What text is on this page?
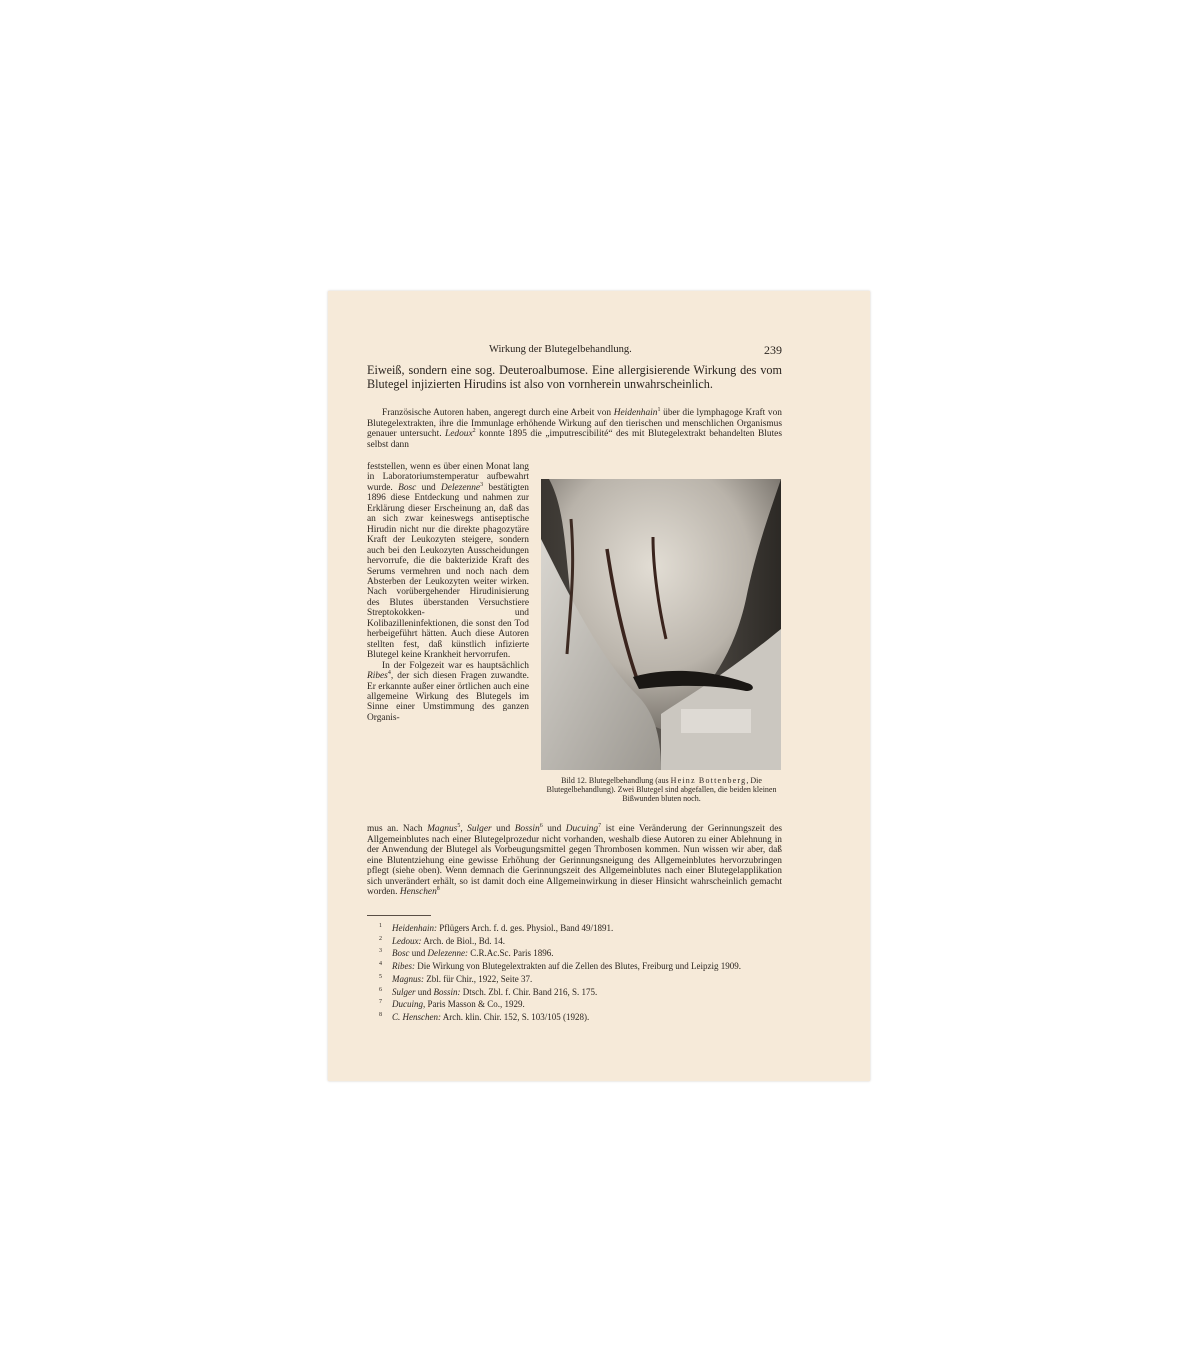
Wirkung der Blutegelbehandlung.	239

Eiweiß, sondern eine sog. Deuteroalbumose. Eine allergisierende Wirkung des vom Blutegel injizierten Hirudins ist also von vornherein unwahrscheinlich.

Französische Autoren haben, angeregt durch eine Arbeit von Heidenhain$^1$ über die lymphagoge Kraft von Blutegelextrakten, ihre die Immunlage erhöhende Wirkung auf den tierischen und menschlichen Organismus genauer untersucht. Ledoux$^2$ konnte 1895 die „imputrescibilité“ des mit Blutegelextrakt behandelten Blutes selbst dann

feststellen, wenn es über einen Monat lang in Laboratoriumstemperatur aufbewahrt wurde. Bosc und Delezenne$^3$ bestätigten 1896 diese Entdeckung und nahmen zur Erklärung dieser Erscheinung an, daß das an sich zwar keineswegs antiseptische Hirudin nicht nur die direkte phagozytäre Kraft der Leukozyten steigere, sondern auch bei den Leukozyten Ausscheidungen hervorrufe, die die bakterizide Kraft des Serums vermehren und noch nach dem Absterben der Leukozyten weiter wirken. Nach vorübergehender Hirudinisierung des Blutes überstanden Versuchstiere Streptokokken- und Kolibazilleninfektionen, die sonst den Tod herbeigeführt hätten. Auch diese Autoren stellten fest, daß künstlich infizierte Blutegel keine Krankheit hervorrufen.

In der Folgezeit war es hauptsächlich Ribes$^4$, der sich diesen Fragen zuwandte. Er erkannte außer einer örtlichen auch eine allgemeine Wirkung des Blutegels im Sinne einer Umstimmung des ganzen Organis-

Bild 12. Blutegelbehandlung (aus Heinz Bottenberg, Die Blutegelbehandlung). Zwei Blutegel sind abgefallen, die beiden kleinen Bißwunden bluten noch.

mus an. Nach Magnus$^5$, Sulger und Bossin$^6$ und Ducuing$^7$ ist eine Veränderung der Gerinnungszeit des Allgemeinblutes nach einer Blutegelprozedur nicht vorhanden, weshalb diese Autoren zu einer Ablehnung in der Anwendung der Blutegel als Vorbeugungsmittel gegen Thrombosen kommen. Nun wissen wir aber, daß eine Blutentziehung eine gewisse Erhöhung der Gerinnungsneigung des Allgemeinblutes hervorzubringen pflegt (siehe oben). Wenn demnach die Gerinnungszeit des Allgemeinblutes nach einer Blutegelapplikation sich unverändert erhält, so ist damit doch eine Allgemeinwirkung in dieser Hinsicht wahrscheinlich gemacht worden. Henschen$^8$

1 Heidenhain: Pflügers Arch. f. d. ges. Physiol., Band 49/1891.
2 Ledoux: Arch. de Biol., Bd. 14.
3 Bosc und Delezenne: C.R.Ac.Sc. Paris 1896.
4 Ribes: Die Wirkung von Blutegelextrakten auf die Zellen des Blutes, Freiburg und Leipzig 1909.
5 Magnus: Zbl. für Chir., 1922, Seite 37.
6 Sulger und Bossin: Dtsch. Zbl. f. Chir. Band 216, S. 175.
7 Ducuing, Paris Masson & Co., 1929.
8 C. Henschen: Arch. klin. Chir. 152, S. 103/105 (1928).
